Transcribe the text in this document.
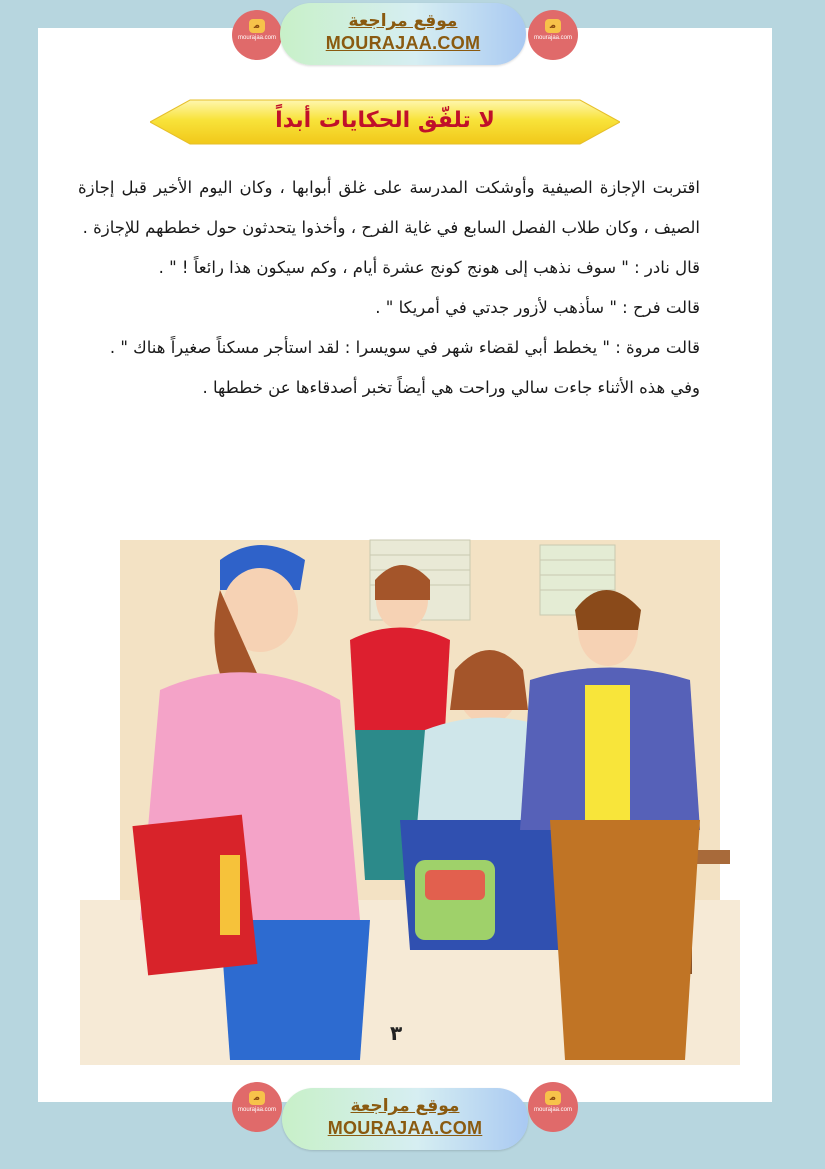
ﻣ
mourajaa.com
موقع مراجعة
MOURAJAA.COM
ﻣ
mourajaa.com
لا تلفّق الحكايات أبداً

اقتربت الإجازة الصيفية وأوشكت المدرسة على غلق أبوابها ، وكان اليوم الأخير قبل إجازة الصيف ، وكان طلاب الفصل السابع في غاية الفرح ، وأخذوا يتحدثون حول خططهم للإجازة .

قال نادر : " سوف نذهب إلى هونج كونج عشرة أيام ، وكم سيكون هذا رائعاً ! " .

قالت فرح : " سأذهب لأزور جدتي في أمريكا " .

قالت مروة : " يخطط أبي لقضاء شهر في سويسرا : لقد استأجر مسكناً صغيراً هناك " .

وفي هذه الأثناء جاءت سالي وراحت هي أيضاً تخبر أصدقاءها عن خططها .

٣
ﻣ
mourajaa.com	موقع مراجعة
MOURAJAA.COM
ﻣ
mourajaa.com
